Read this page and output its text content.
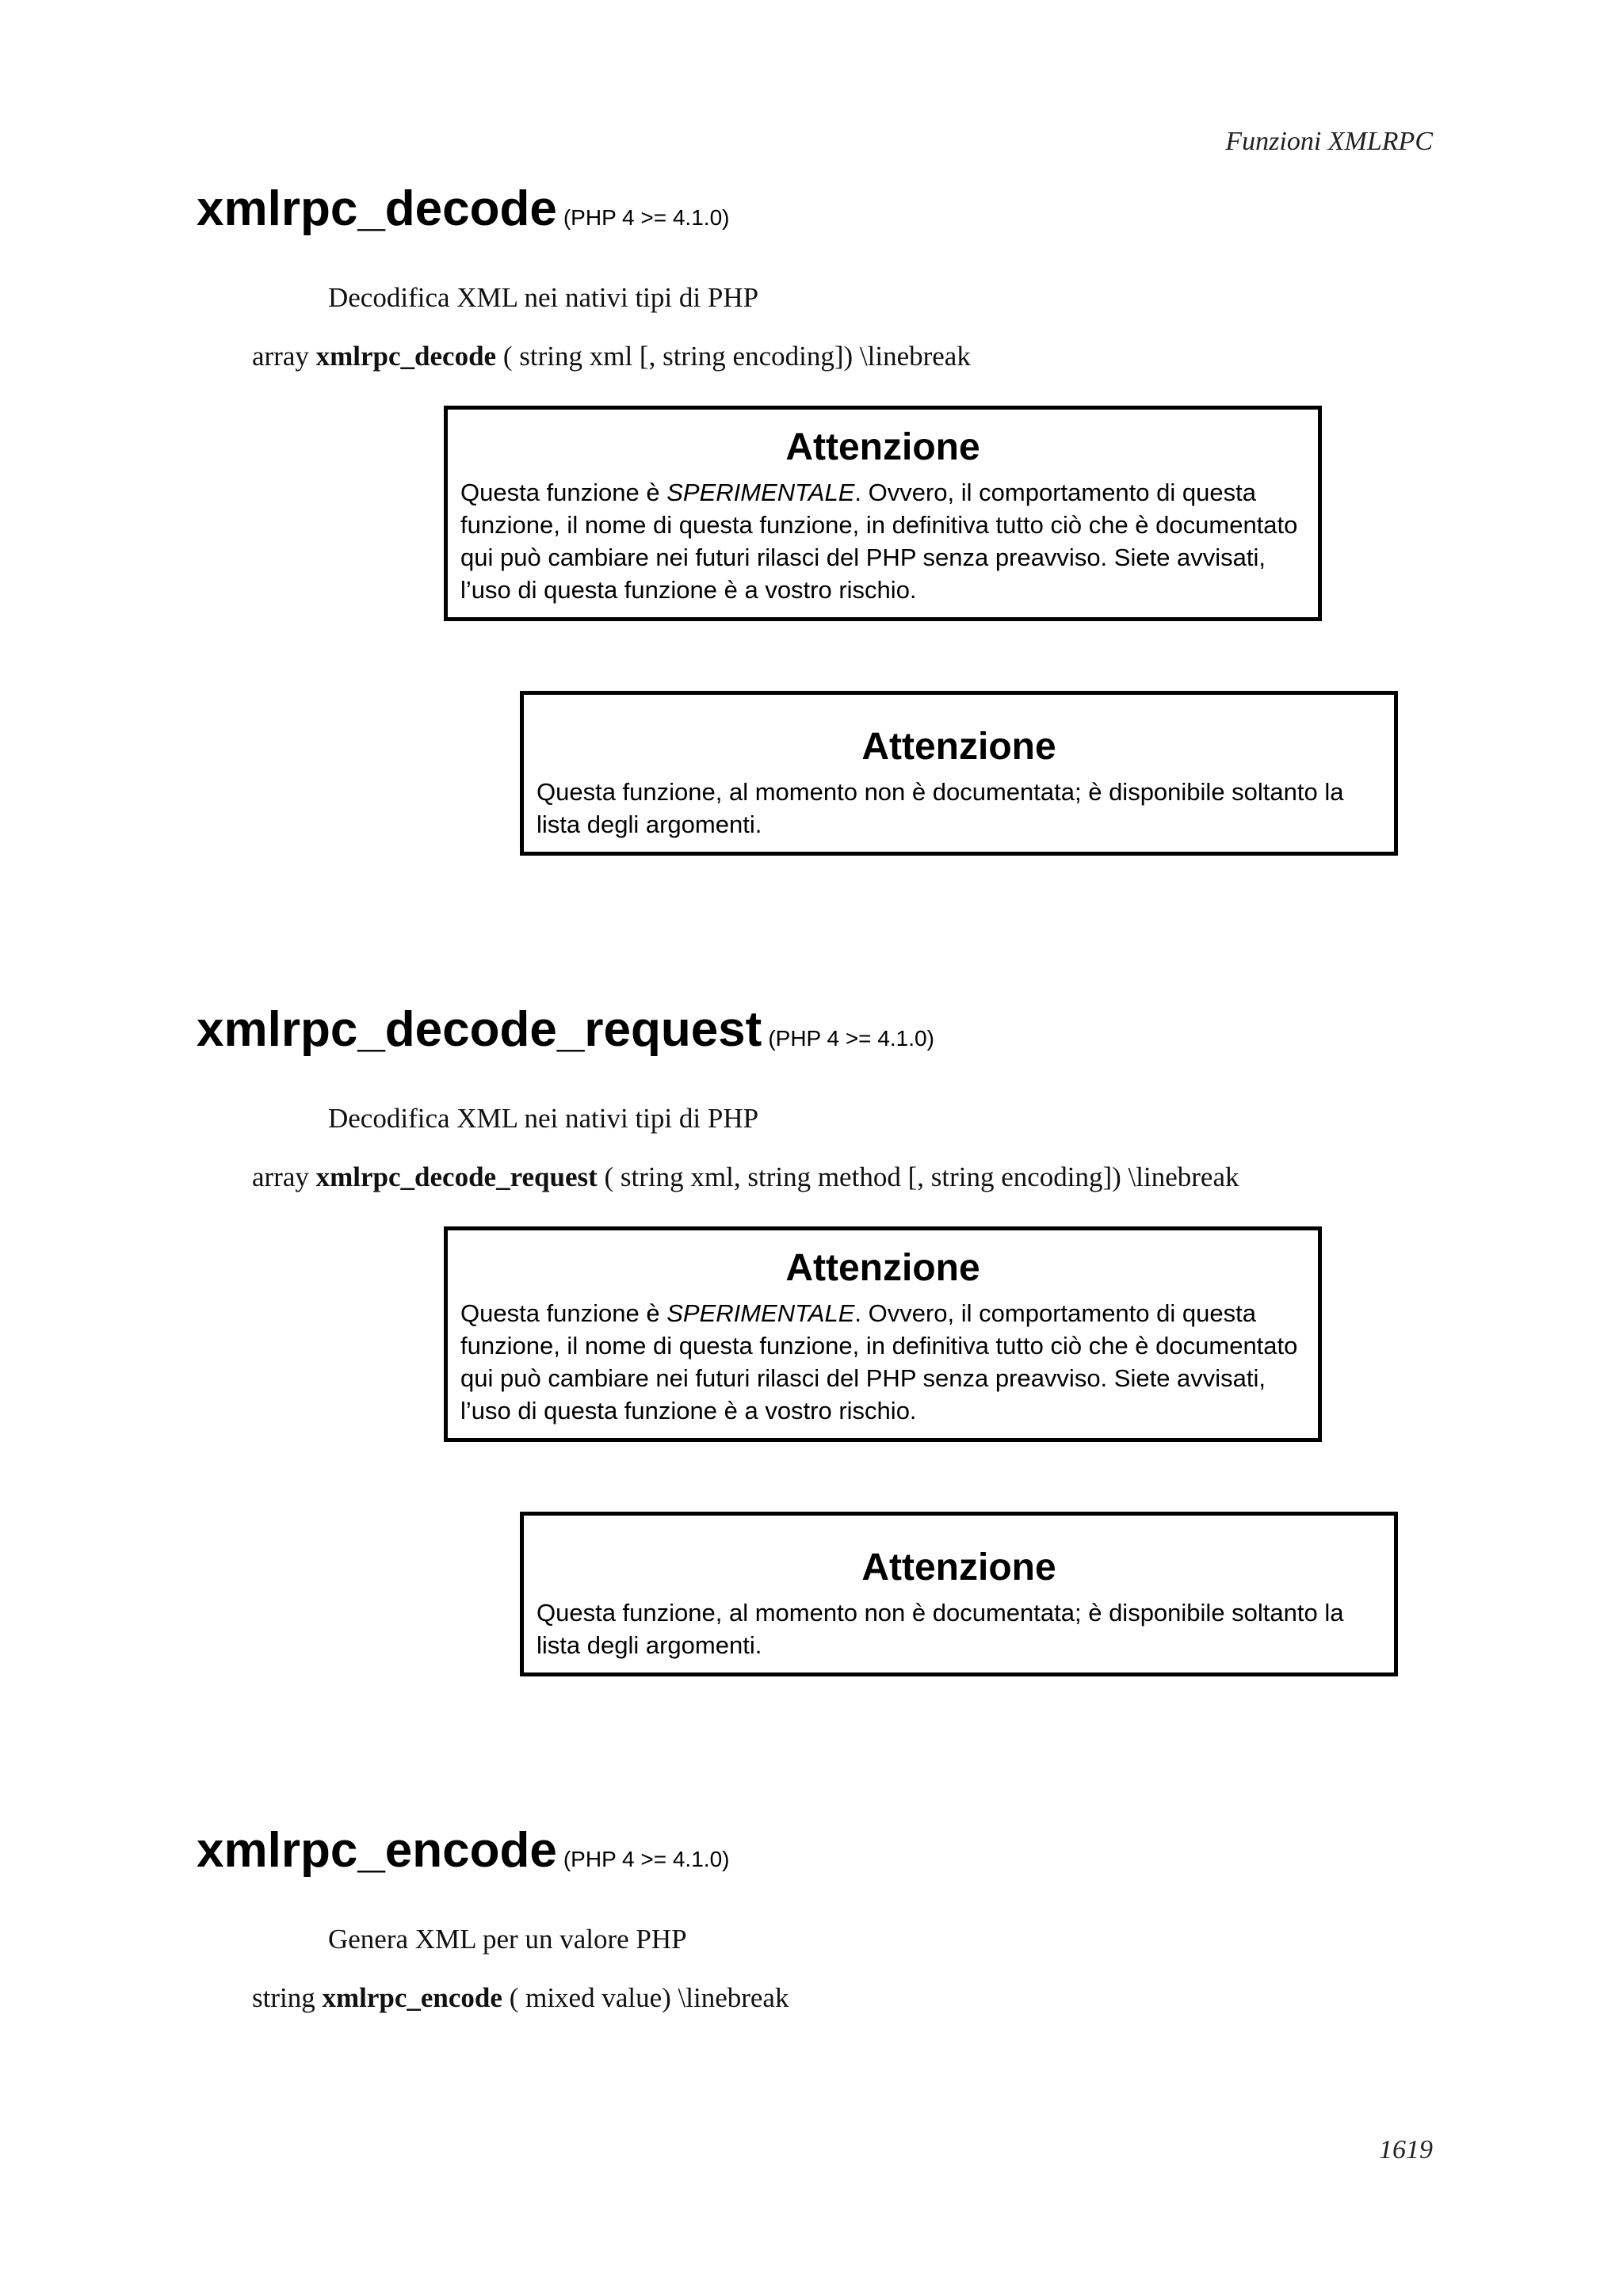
Funzioni XMLRPC
xmlrpc_decode (PHP 4 >= 4.1.0)
Decodifica XML nei nativi tipi di PHP
array xmlrpc_decode ( string xml [, string encoding]) \linebreak
Attenzione
Questa funzione è SPERIMENTALE. Ovvero, il comportamento di questa funzione, il nome di questa funzione, in definitiva tutto ciò che è documentato qui può cambiare nei futuri rilasci del PHP senza preavviso. Siete avvisati, l’uso di questa funzione è a vostro rischio.
Attenzione
Questa funzione, al momento non è documentata; è disponibile soltanto la lista degli argomenti.
xmlrpc_decode_request (PHP 4 >= 4.1.0)
Decodifica XML nei nativi tipi di PHP
array xmlrpc_decode_request ( string xml, string method [, string encoding]) \linebreak
Attenzione
Questa funzione è SPERIMENTALE. Ovvero, il comportamento di questa funzione, il nome di questa funzione, in definitiva tutto ciò che è documentato qui può cambiare nei futuri rilasci del PHP senza preavviso. Siete avvisati, l’uso di questa funzione è a vostro rischio.
Attenzione
Questa funzione, al momento non è documentata; è disponibile soltanto la lista degli argomenti.
xmlrpc_encode (PHP 4 >= 4.1.0)
Genera XML per un valore PHP
string xmlrpc_encode ( mixed value) \linebreak
1619
